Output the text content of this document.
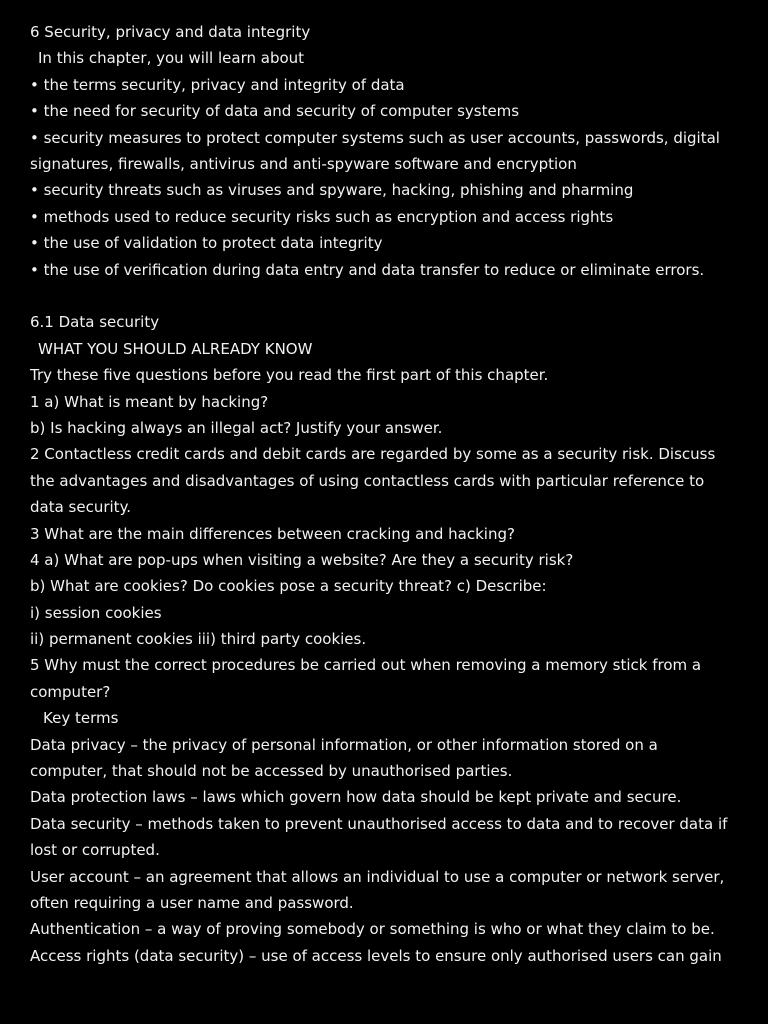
6 Security, privacy and data integrity
In this chapter, you will learn about
• the terms security, privacy and integrity of data
• the need for security of data and security of computer systems
• security measures to protect computer systems such as user accounts, passwords, digital signatures, firewalls, antivirus and anti-spyware software and encryption
• security threats such as viruses and spyware, hacking, phishing and pharming
• methods used to reduce security risks such as encryption and access rights
• the use of validation to protect data integrity
• the use of verification during data entry and data transfer to reduce or eliminate errors.
6.1 Data security
WHAT YOU SHOULD ALREADY KNOW
Try these five questions before you read the first part of this chapter.
1 a) What is meant by hacking?
b) Is hacking always an illegal act? Justify your answer.
2 Contactless credit cards and debit cards are regarded by some as a security risk. Discuss the advantages and disadvantages of using contactless cards with particular reference to data security.
3 What are the main differences between cracking and hacking?
4 a) What are pop-ups when visiting a website? Are they a security risk?
b) What are cookies? Do cookies pose a security threat? c) Describe:
i) session cookies
ii) permanent cookies iii) third party cookies.
5 Why must the correct procedures be carried out when removing a memory stick from a computer?
Key terms
Data privacy – the privacy of personal information, or other information stored on a computer, that should not be accessed by unauthorised parties.
Data protection laws – laws which govern how data should be kept private and secure.
Data security – methods taken to prevent unauthorised access to data and to recover data if lost or corrupted.
User account – an agreement that allows an individual to use a computer or network server, often requiring a user name and password.
Authentication – a way of proving somebody or something is who or what they claim to be.
Access rights (data security) – use of access levels to ensure only authorised users can gain
